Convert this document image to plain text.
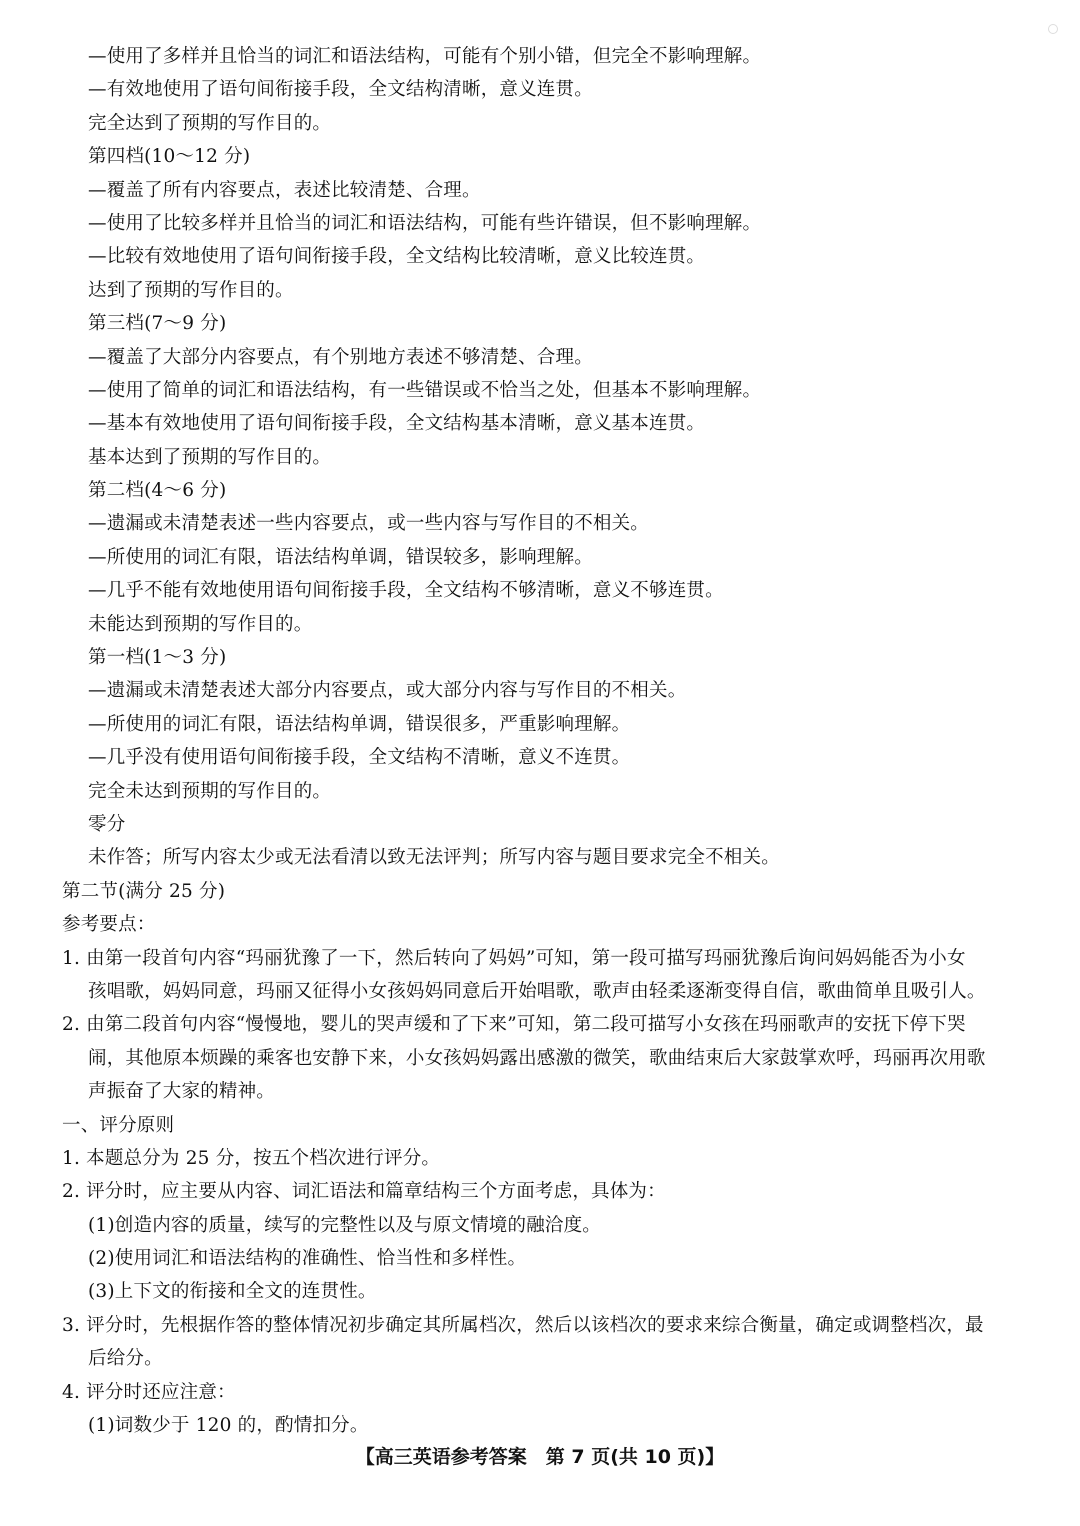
—使用了多样并且恰当的词汇和语法结构，可能有个别小错，但完全不影响理解。
—有效地使用了语句间衔接手段，全文结构清晰，意义连贯。
完全达到了预期的写作目的。
第四档(10～12 分)
—覆盖了所有内容要点，表述比较清楚、合理。
—使用了比较多样并且恰当的词汇和语法结构，可能有些许错误，但不影响理解。
—比较有效地使用了语句间衔接手段，全文结构比较清晰，意义比较连贯。
达到了预期的写作目的。
第三档(7～9 分)
—覆盖了大部分内容要点，有个别地方表述不够清楚、合理。
—使用了简单的词汇和语法结构，有一些错误或不恰当之处，但基本不影响理解。
—基本有效地使用了语句间衔接手段，全文结构基本清晰，意义基本连贯。
基本达到了预期的写作目的。
第二档(4～6 分)
—遗漏或未清楚表述一些内容要点，或一些内容与写作目的不相关。
—所使用的词汇有限，语法结构单调，错误较多，影响理解。
—几乎不能有效地使用语句间衔接手段，全文结构不够清晰，意义不够连贯。
未能达到预期的写作目的。
第一档(1～3 分)
—遗漏或未清楚表述大部分内容要点，或大部分内容与写作目的不相关。
—所使用的词汇有限，语法结构单调，错误很多，严重影响理解。
—几乎没有使用语句间衔接手段，全文结构不清晰，意义不连贯。
完全未达到预期的写作目的。
零分
未作答；所写内容太少或无法看清以致无法评判；所写内容与题目要求完全不相关。
第二节(满分 25 分)
参考要点：
1. 由第一段首句内容“玛丽犹豫了一下，然后转向了妈妈”可知，第一段可描写玛丽犹豫后询问妈妈能否为小女
孩唱歌，妈妈同意，玛丽又征得小女孩妈妈同意后开始唱歌，歌声由轻柔逐渐变得自信，歌曲简单且吸引人。
2. 由第二段首句内容“慢慢地，婴儿的哭声缓和了下来”可知，第二段可描写小女孩在玛丽歌声的安抚下停下哭
闹，其他原本烦躁的乘客也安静下来，小女孩妈妈露出感激的微笑，歌曲结束后大家鼓掌欢呼，玛丽再次用歌
声振奋了大家的精神。
一、评分原则
1. 本题总分为 25 分，按五个档次进行评分。
2. 评分时，应主要从内容、词汇语法和篇章结构三个方面考虑，具体为：
(1)创造内容的质量，续写的完整性以及与原文情境的融洽度。
(2)使用词汇和语法结构的准确性、恰当性和多样性。
(3)上下文的衔接和全文的连贯性。
3. 评分时，先根据作答的整体情况初步确定其所属档次，然后以该档次的要求来综合衡量，确定或调整档次，最
后给分。
4. 评分时还应注意：
(1)词数少于 120 的，酌情扣分。
【高三英语参考答案　第 7 页(共 10 页)】
